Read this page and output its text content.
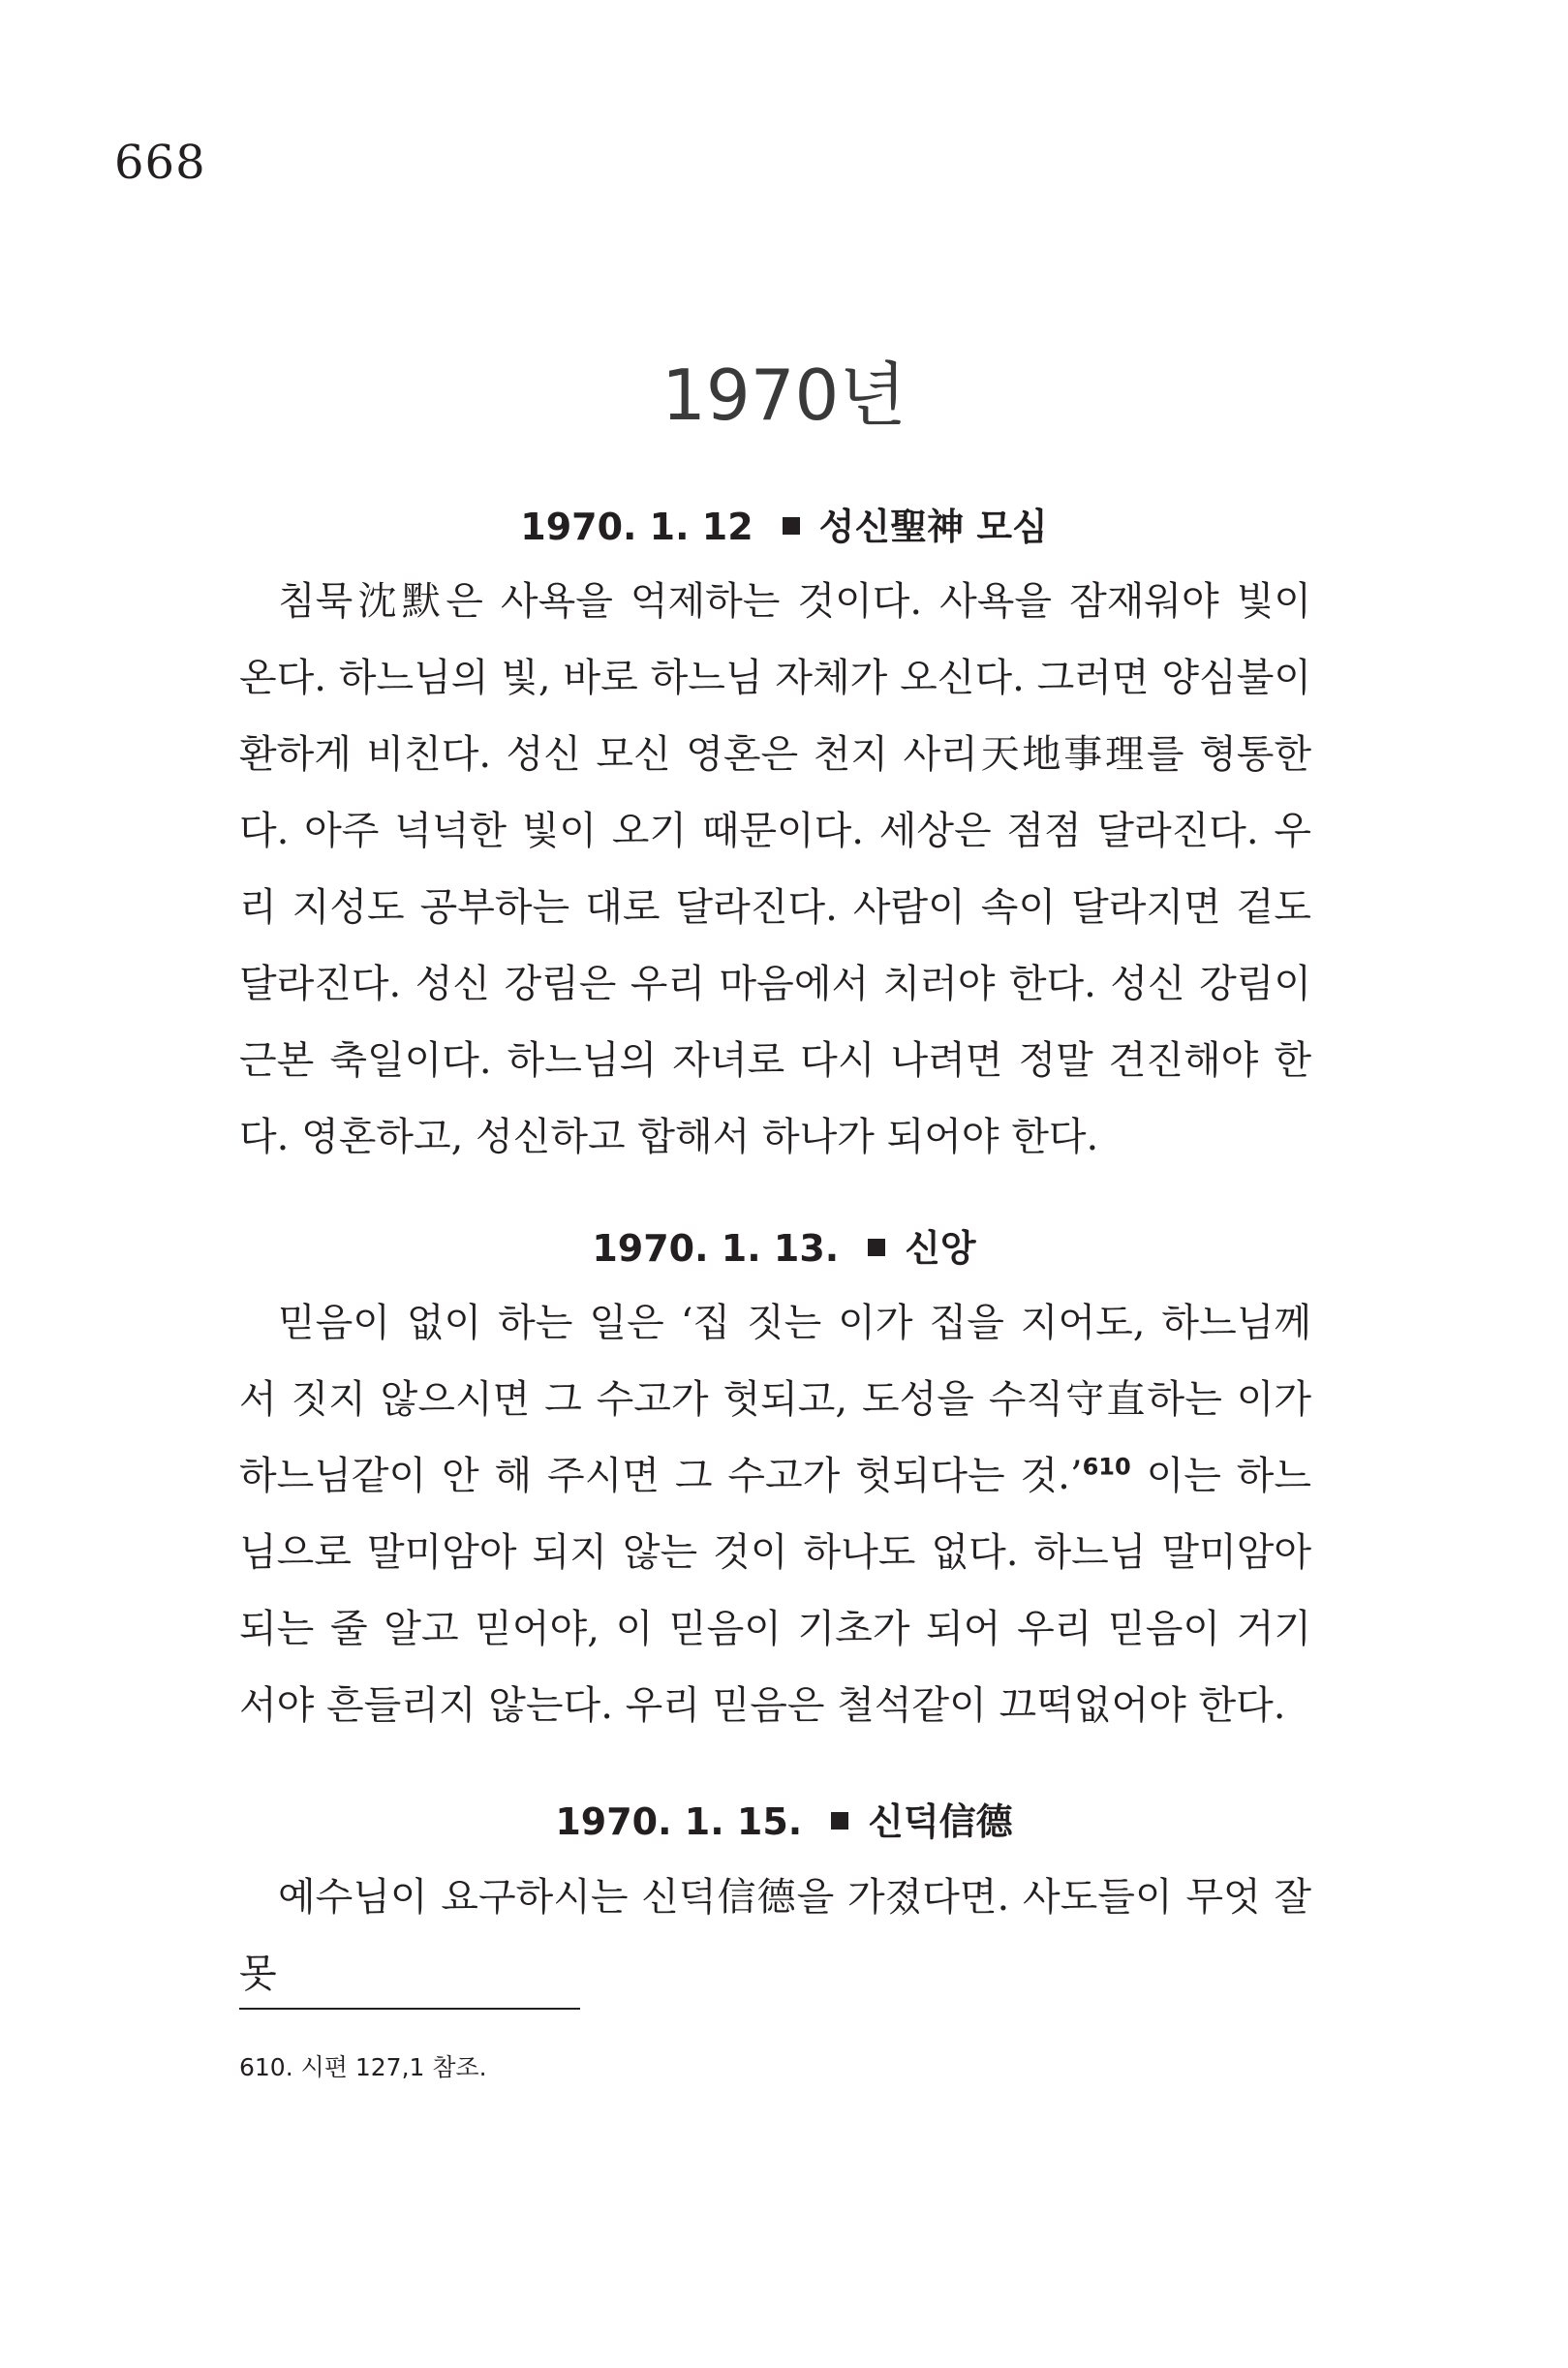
668
1970년
1970. 1. 12 성신聖神 모심
침묵沈默은 사욕을 억제하는 것이다. 사욕을 잠재워야 빛이 온다. 하느님의 빛, 바로 하느님 자체가 오신다. 그러면 양심불이 환하게 비친다. 성신 모신 영혼은 천지 사리天地事理를 형통한다. 아주 넉넉한 빛이 오기 때문이다. 세상은 점점 달라진다. 우리 지성도 공부하는 대로 달라진다. 사람이 속이 달라지면 겉도 달라진다. 성신 강림은 우리 마음에서 치러야 한다. 성신 강림이 근본 축일이다. 하느님의 자녀로 다시 나려면 정말 견진해야 한다. 영혼하고, 성신하고 합해서 하나가 되어야 한다.
1970. 1. 13. 신앙
믿음이 없이 하는 일은 ‘집 짓는 이가 집을 지어도, 하느님께서 짓지 않으시면 그 수고가 헛되고, 도성을 수직守直하는 이가 하느님같이 안 해 주시면 그 수고가 헛되다는 것.’$^{610}$ 이는 하느님으로 말미암아 되지 않는 것이 하나도 없다. 하느님 말미암아 되는 줄 알고 믿어야, 이 믿음이 기초가 되어 우리 믿음이 거기 서야 흔들리지 않는다. 우리 믿음은 철석같이 끄떡없어야 한다.
1970. 1. 15. 신덕信德
예수님이 요구하시는 신덕信德을 가졌다면. 사도들이 무엇 잘못
610. 시편 127,1 참조.
